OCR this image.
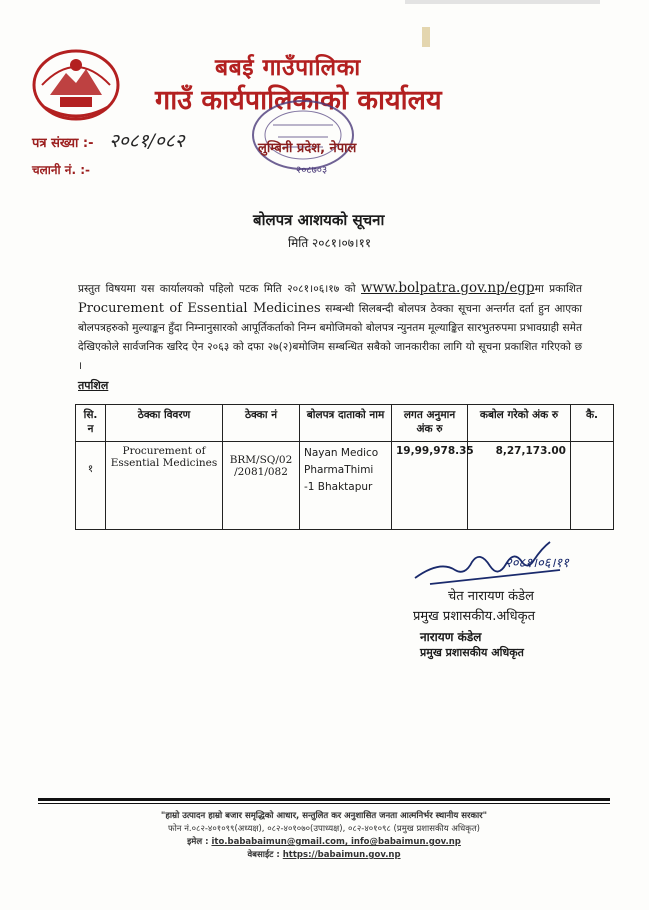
बबई गाउँपालिका
गाउँ कार्यपालिकाको कार्यालय
लुम्बिनी प्रदेश, नेपाल
पत्र संख्या :- २०८१/०८२
चलानी नं. :-	२०८७०३
बोलपत्र आशयको सूचना
मिति २०८१।०७।११
प्रस्तुत विषयमा यस कार्यालयको पहिलो पटक मिति २०८१।०६।१७ को www.bolpatra.gov.np/egpमा प्रकाशित Procurement of Essential Medicines सम्बन्धी सिलबन्दी बोलपत्र ठेक्का सूचना अन्तर्गत दर्ता हुन आएका बोलपत्रहरुको मुल्याङ्कन हुँदा निम्नानुसारको आपूर्तिकर्ताको निम्न बमोजिमको बोलपत्र न्युनतम मूल्याङ्कित सारभुतरुपमा प्रभावग्राही समेत देखिएकोले सार्वजनिक खरिद ऐन २०६३ को दफा २७(२)बमोजिम सम्बन्धित सबैको जानकारीका लागि यो सूचना प्रकाशित गरिएको छ ।
तपशिल
सि. न	ठेक्का विवरण	ठेक्का नं	बोलपत्र दाताको नाम	लगत अनुमान अंक रु	कबोल गरेको अंक रु	कै.
१	Procurement of Essential Medicines	BRM/SQ/02 /2081/082	Nayan Medico PharmaThimi -1 Bhaktapur	19,99,978.35	8,27,173.00	
२०८१।०६।११
चेत नारायण कंडेल
प्रमुख प्रशासकीय.अधिकृत
नारायण कंडेल
प्रमुख प्रशासकीय अधिकृत
"हाम्रो उत्पादन हाम्रो बजार समृद्धिको आधार, सन्तुलित कर अनुशासित जनता आत्मनिर्भर स्थानीय सरकार"
फोन नं.०८२-४०१०९९(अध्यक्ष), ०८२-४०१०७०(उपाध्यक्ष), ०८२-४०१०९८ (प्रमुख प्रशासकीय अधिकृत)
इमेल : ito.bababaimun@gmail.com, info@babaimun.gov.np
वेबसाईट : https://babaimun.gov.np
